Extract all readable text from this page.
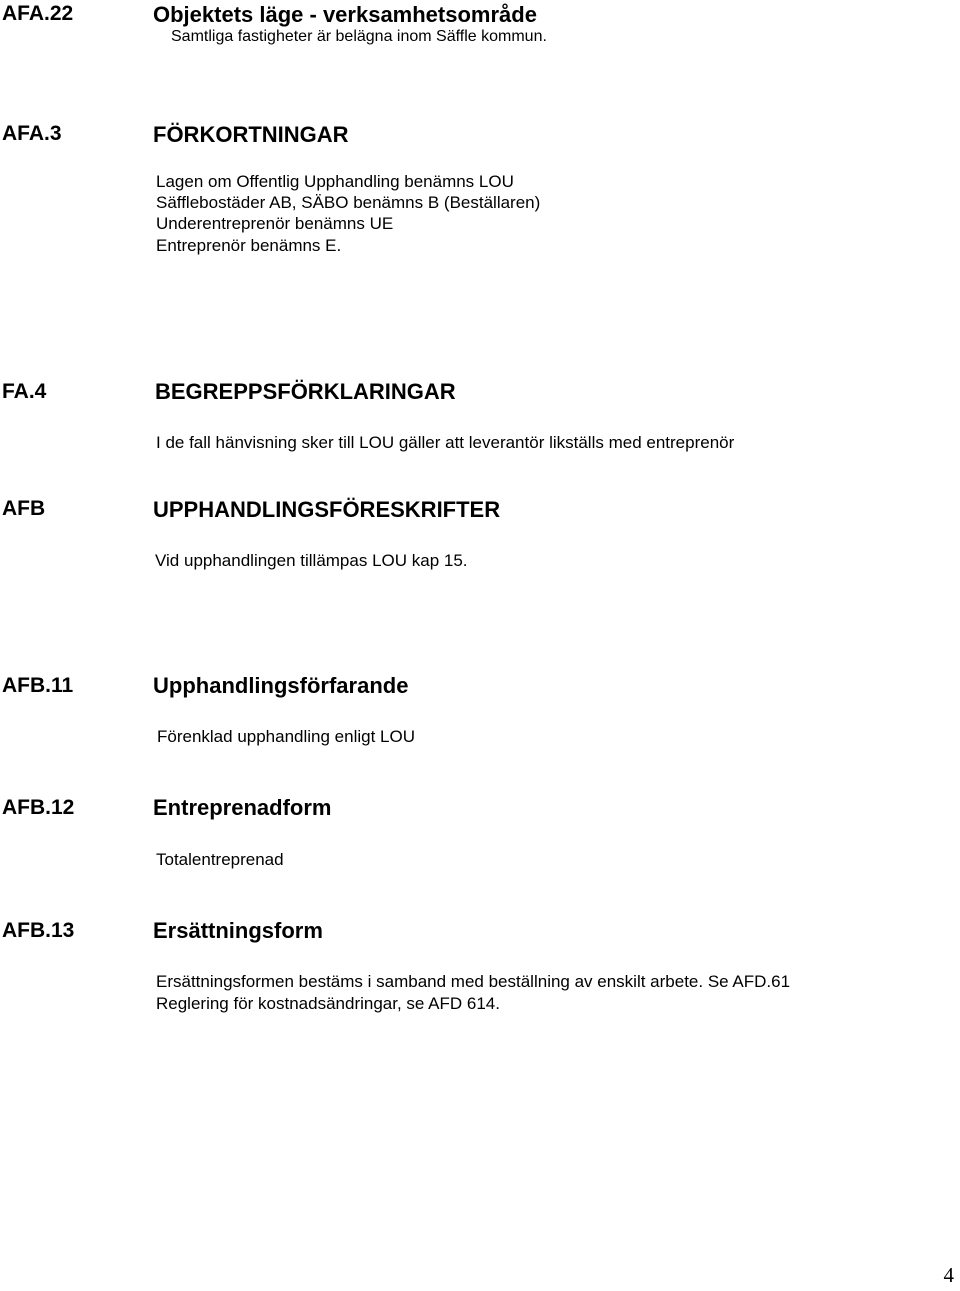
AFA.22	Objektets läge - verksamhetsområde
Samtliga fastigheter är belägna inom Säffle kommun.
AFA.3	FÖRKORTNINGAR
Lagen om Offentlig Upphandling benämns LOU
Säfflebostäder AB, SÄBO benämns B (Beställaren)
Underentreprenör benämns UE
Entreprenör benämns E.
FA.4	BEGREPPSFÖRKLARINGAR
I de fall hänvisning sker till LOU gäller att leverantör likställs med entreprenör
AFB	UPPHANDLINGSFÖRESKRIFTER
Vid upphandlingen tillämpas LOU kap 15.
AFB.11	Upphandlingsförfarande
Förenklad upphandling enligt LOU
AFB.12	Entreprenadform
Totalentreprenad
AFB.13	Ersättningsform
Ersättningsformen bestäms i samband med beställning av enskilt arbete. Se AFD.61
Reglering för kostnadsändringar, se AFD 614.
4
